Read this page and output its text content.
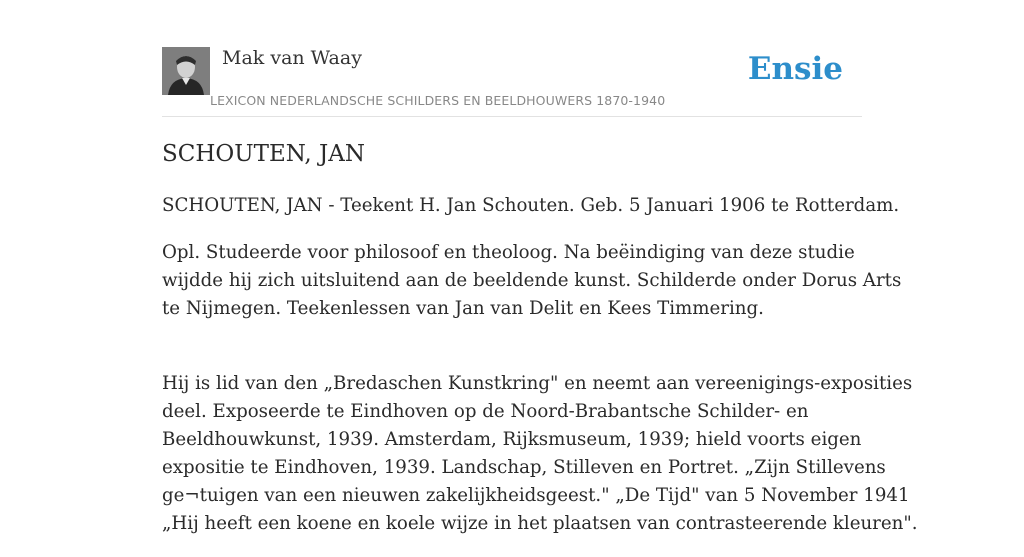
Mak van Waay
LEXICON NEDERLANDSCHE SCHILDERS EN BEELDHOUWERS 1870-1940
Ensie
SCHOUTEN, JAN

SCHOUTEN, JAN - Teekent H. Jan Schouten. Geb. 5 Januari 1906 te Rotterdam.

Opl. Studeerde voor philosoof en theoloog. Na beëindiging van deze studie
wijdde hij zich uitsluitend aan de beeldende kunst. Schilderde onder Dorus Arts
te Nijmegen. Teekenlessen van Jan van Delit en Kees Timmering.

Hij is lid van den „Bredaschen Kunstkring" en neemt aan vereenigings-exposities
deel. Exposeerde te Eindhoven op de Noord-Brabantsche Schilder- en
Beeldhouwkunst, 1939. Amsterdam, Rijksmuseum, 1939; hield voorts eigen
expositie te Eindhoven, 1939. Landschap, Stilleven en Portret. „Zijn Stillevens
ge¬tuigen van een nieuwen zakelijkheidsgeest." „De Tijd" van 5 November 1941
„Hij heeft een koene en koele wijze in het plaatsen van contrasteerende kleuren".
